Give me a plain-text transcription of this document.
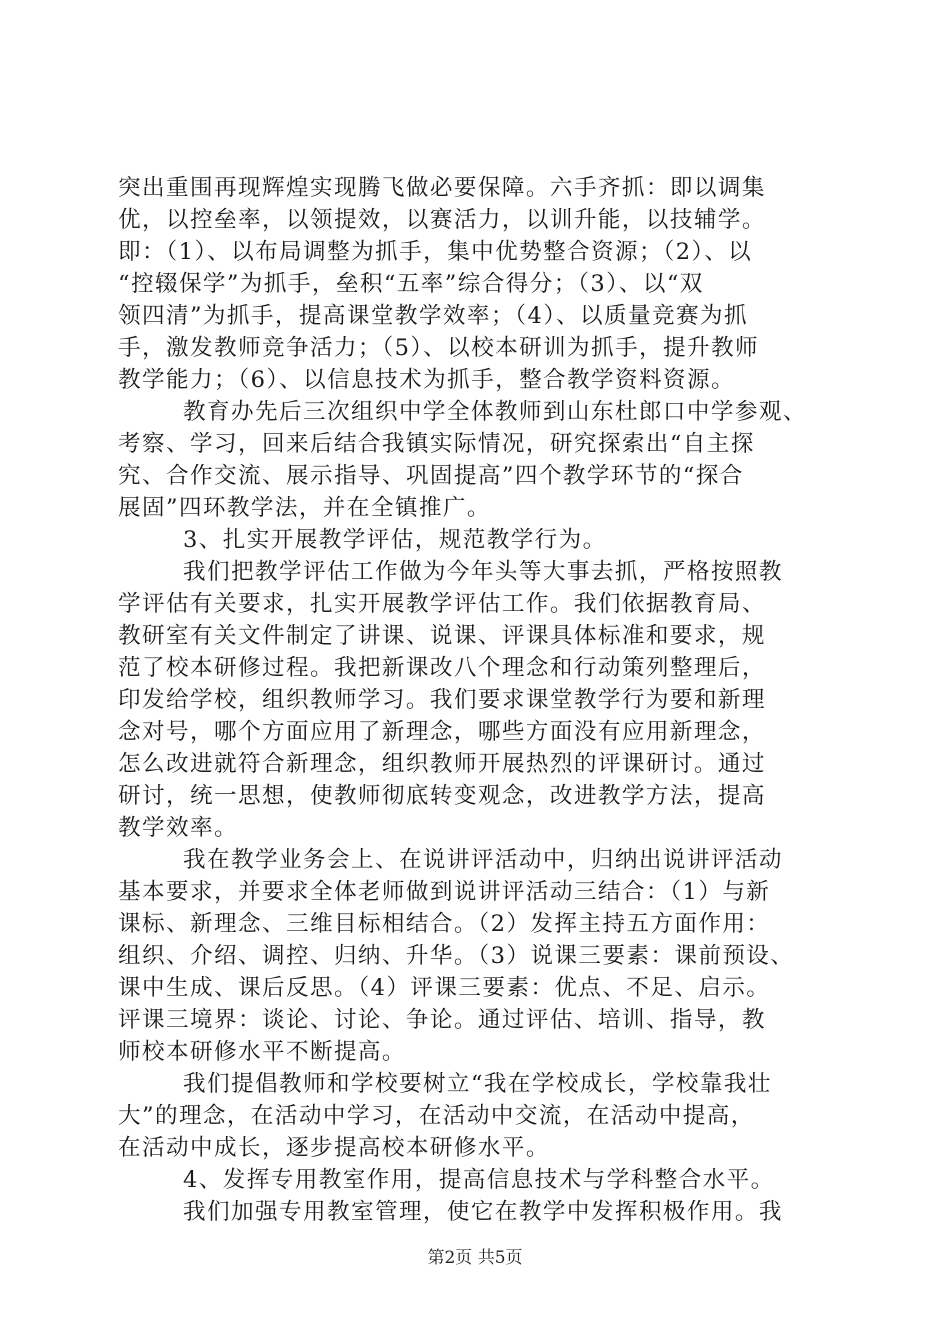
突出重围再现辉煌实现腾飞做必要保障。六手齐抓：即以调集
优，以控垒率，以领提效，以赛活力，以训升能，以技辅学。
即：（1）、以布局调整为抓手，集中优势整合资源；（2）、以
“控辍保学”为抓手，垒积“五率”综合得分；（3）、以“双
领四清”为抓手，提高课堂教学效率；（4）、以质量竞赛为抓
手，激发教师竞争活力；（5）、以校本研训为抓手，提升教师
教学能力；（6）、以信息技术为抓手，整合教学资料资源。
教育办先后三次组织中学全体教师到山东杜郎口中学参观、
考察、学习，回来后结合我镇实际情况，研究探索出“自主探
究、合作交流、展示指导、巩固提高”四个教学环节的“探合
展固”四环教学法，并在全镇推广。
3、扎实开展教学评估，规范教学行为。
我们把教学评估工作做为今年头等大事去抓，严格按照教
学评估有关要求，扎实开展教学评估工作。我们依据教育局、
教研室有关文件制定了讲课、说课、评课具体标准和要求，规
范了校本研修过程。我把新课改八个理念和行动策列整理后，
印发给学校，组织教师学习。我们要求课堂教学行为要和新理
念对号，哪个方面应用了新理念，哪些方面没有应用新理念，
怎么改进就符合新理念，组织教师开展热烈的评课研讨。通过
研讨，统一思想，使教师彻底转变观念，改进教学方法，提高
教学效率。
我在教学业务会上、在说讲评活动中，归纳出说讲评活动
基本要求，并要求全体老师做到说讲评活动三结合：（1）与新
课标、新理念、三维目标相结合。（2）发挥主持五方面作用：
组织、介绍、调控、归纳、升华。（3）说课三要素：课前预设、
课中生成、课后反思。（4）评课三要素：优点、不足、启示。
评课三境界：谈论、讨论、争论。通过评估、培训、指导，教
师校本研修水平不断提高。
我们提倡教师和学校要树立“我在学校成长，学校靠我壮
大”的理念，在活动中学习，在活动中交流，在活动中提高，
在活动中成长，逐步提高校本研修水平。
4、发挥专用教室作用，提高信息技术与学科整合水平。
我们加强专用教室管理，使它在教学中发挥积极作用。我
第2页 共5页
